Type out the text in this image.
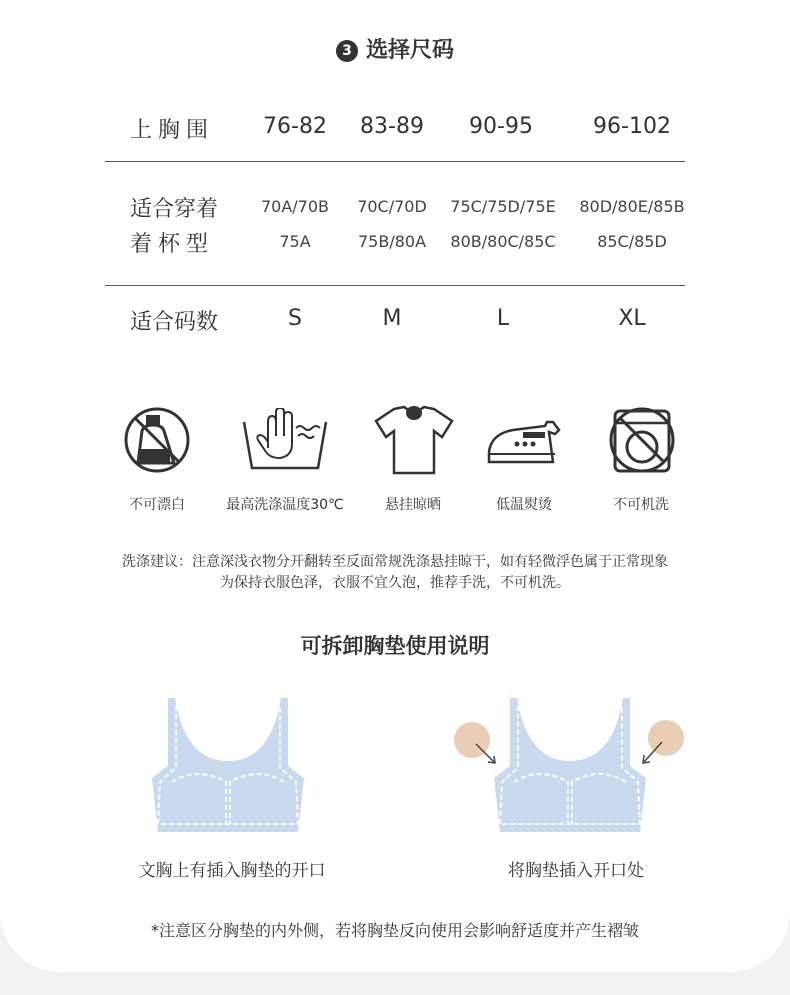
3 选择尺码
上胸围	76-82	83-89	90-95	96-102
适合穿着
着杯型
70A/70B	70C/70D	75C/75D/75E	80D/80E/85B
75A	75B/80A	80B/80C/85C	85C/85D
适合码数	S	M	L	XL
不可漂白	最高洗涤温度30℃	悬挂晾晒	低温熨烫	不可机洗
洗涤建议：注意深浅衣物分开翻转至反面常规洗涤悬挂晾干，如有轻微浮色属于正常现象
为保持衣服色泽，衣服不宜久泡，推荐手洗，不可机洗。
可拆卸胸垫使用说明
文胸上有插入胸垫的开口	将胸垫插入开口处
*注意区分胸垫的内外侧，若将胸垫反向使用会影响舒适度并产生褶皱
